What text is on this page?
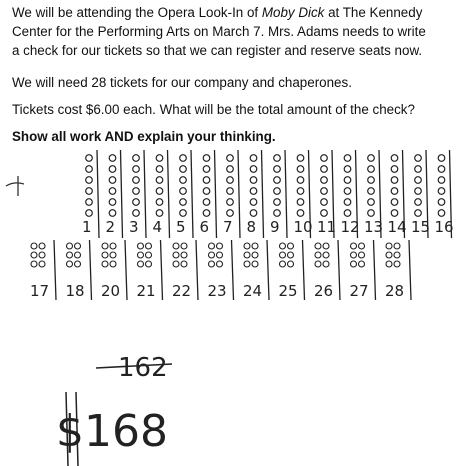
We will be attending the Opera Look-In of Moby Dick at The Kennedy
Center for the Performing Arts on March 7. Mrs. Adams needs to write
a check for our tickets so that we can register and reserve seats now.
We will need 28 tickets for our company and chaperones.
Tickets cost $6.00 each. What will be the total amount of the check?
Show all work AND explain your thinking.
1 2 3 4 5 6 7 8 9 10 11 12 13 14 15 16
17 18 20 21 22 23 24 25 26 27 28
162
$168
